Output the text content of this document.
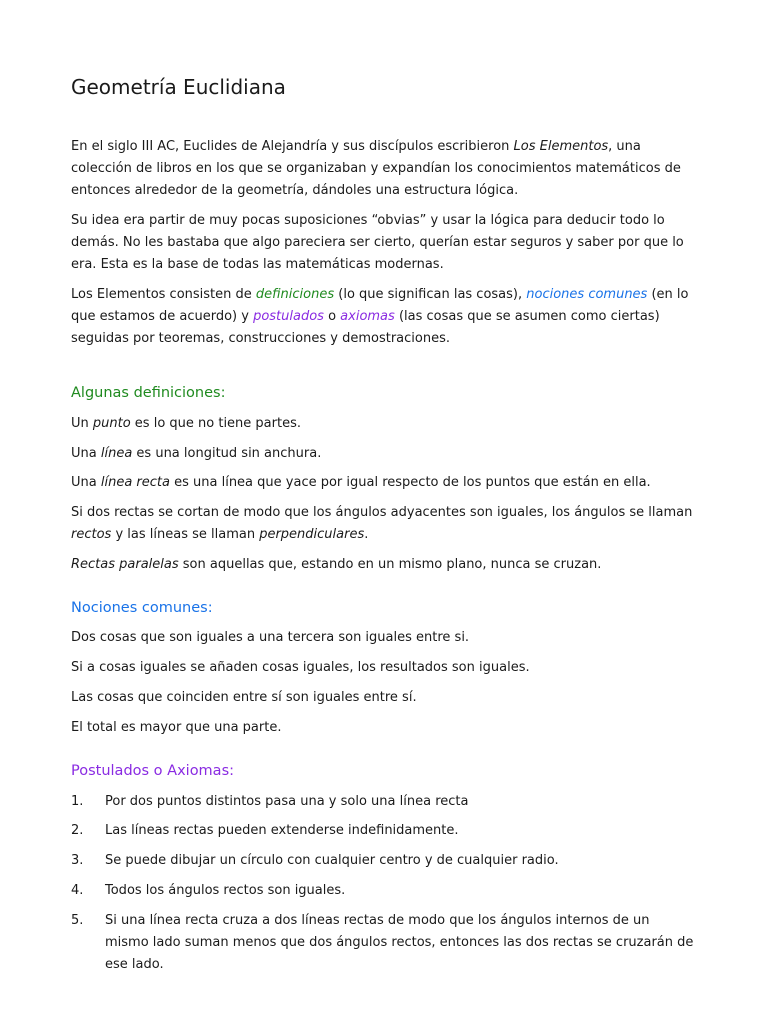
Geometría Euclidiana

En el siglo III AC, Euclides de Alejandría y sus discípulos escribieron Los Elementos, una colección de libros en los que se organizaban y expandían los conocimientos matemáticos de entonces alrededor de la geometría, dándoles una estructura lógica.

Su idea era partir de muy pocas suposiciones “obvias” y usar la lógica para deducir todo lo demás. No les bastaba que algo pareciera ser cierto, querían estar seguros y saber por que lo era. Esta es la base de todas las matemáticas modernas.

Los Elementos consisten de definiciones (lo que significan las cosas), nociones comunes (en lo que estamos de acuerdo) y postulados o axiomas (las cosas que se asumen como ciertas) seguidas por teoremas, construcciones y demostraciones.

Algunas definiciones:

Un punto es lo que no tiene partes.

Una línea es una longitud sin anchura.

Una línea recta es una línea que yace por igual respecto de los puntos que están en ella.

Si dos rectas se cortan de modo que los ángulos adyacentes son iguales, los ángulos se llaman rectos y las líneas se llaman perpendiculares.

Rectas paralelas son aquellas que, estando en un mismo plano, nunca se cruzan.

Nociones comunes:

Dos cosas que son iguales a una tercera son iguales entre si.

Si a cosas iguales se añaden cosas iguales, los resultados son iguales.

Las cosas que coinciden entre sí son iguales entre sí.

El total es mayor que una parte.

Postulados o Axiomas:
1.	Por dos puntos distintos pasa una y solo una línea recta
2.	Las líneas rectas pueden extenderse indefinidamente.
3.	Se puede dibujar un círculo con cualquier centro y de cualquier radio.
4.	Todos los ángulos rectos son iguales.
5.	Si una línea recta cruza a dos líneas rectas de modo que los ángulos internos de un mismo lado suman menos que dos ángulos rectos, entonces las dos rectas se cruzarán de ese lado.
